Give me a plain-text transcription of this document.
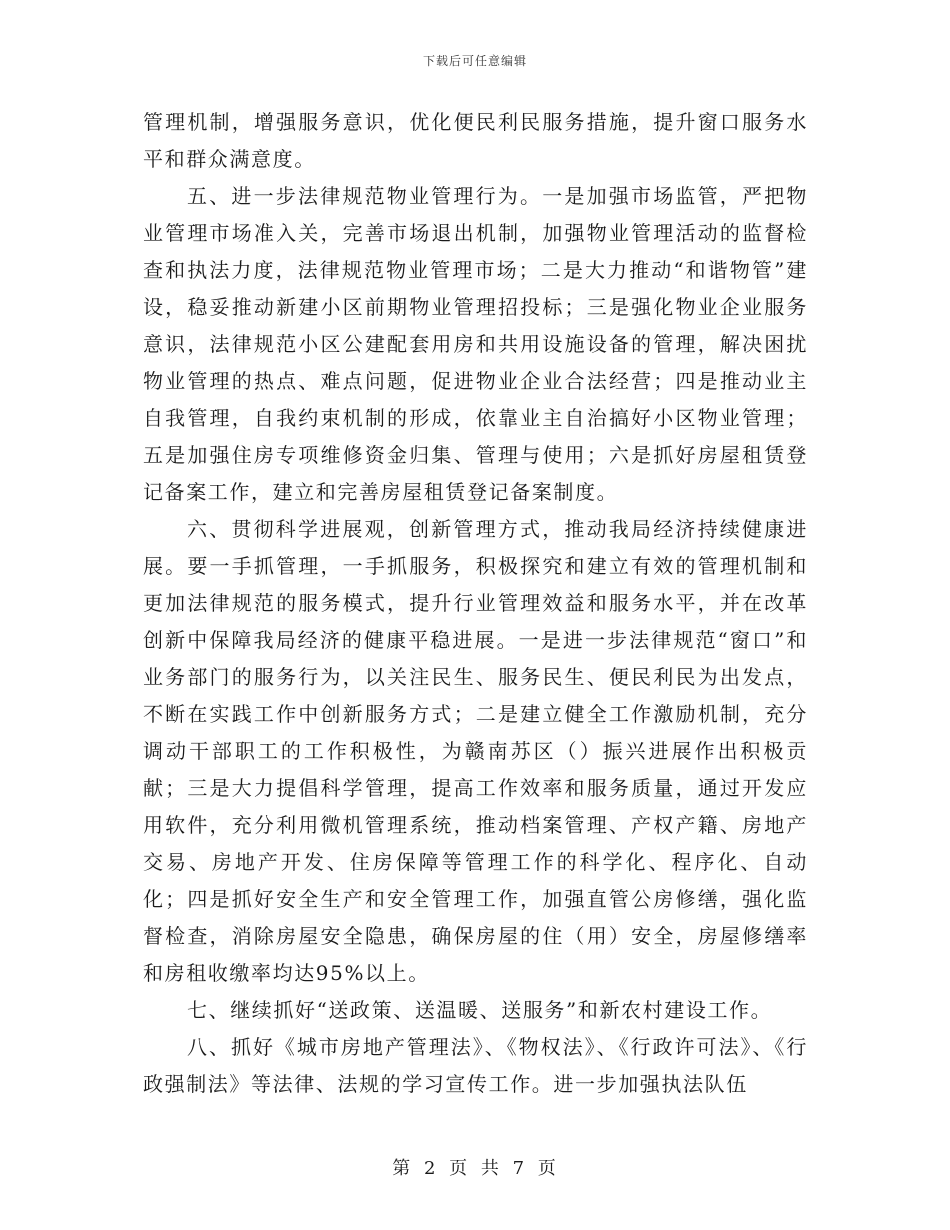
下载后可任意编辑

管理机制，增强服务意识，优化便民利民服务措施，提升窗口服务水平和群众满意度。

五、进一步法律规范物业管理行为。一是加强市场监管，严把物业管理市场准入关，完善市场退出机制，加强物业管理活动的监督检查和执法力度，法律规范物业管理市场；二是大力推动“和谐物管”建设，稳妥推动新建小区前期物业管理招投标；三是强化物业企业服务意识，法律规范小区公建配套用房和共用设施设备的管理，解决困扰物业管理的热点、难点问题，促进物业企业合法经营；四是推动业主自我管理，自我约束机制的形成，依靠业主自治搞好小区物业管理；五是加强住房专项维修资金归集、管理与使用；六是抓好房屋租赁登记备案工作，建立和完善房屋租赁登记备案制度。

六、贯彻科学进展观，创新管理方式，推动我局经济持续健康进展。要一手抓管理，一手抓服务，积极探究和建立有效的管理机制和更加法律规范的服务模式，提升行业管理效益和服务水平，并在改革创新中保障我局经济的健康平稳进展。一是进一步法律规范“窗口”和业务部门的服务行为，以关注民生、服务民生、便民利民为出发点，不断在实践工作中创新服务方式；二是建立健全工作激励机制，充分调动干部职工的工作积极性，为赣南苏区（）振兴进展作出积极贡献；三是大力提倡科学管理，提高工作效率和服务质量，通过开发应用软件，充分利用微机管理系统，推动档案管理、产权产籍、房地产交易、房地产开发、住房保障等管理工作的科学化、程序化、自动化；四是抓好安全生产和安全管理工作，加强直管公房修缮，强化监督检查，消除房屋安全隐患，确保房屋的住（用）安全，房屋修缮率和房租收缴率均达95%以上。

七、继续抓好“送政策、送温暖、送服务”和新农村建设工作。

八、抓好《城市房地产管理法》、《物权法》、《行政许可法》、《行政强制法》等法律、法规的学习宣传工作。进一步加强执法队伍

第 2 页 共 7 页
